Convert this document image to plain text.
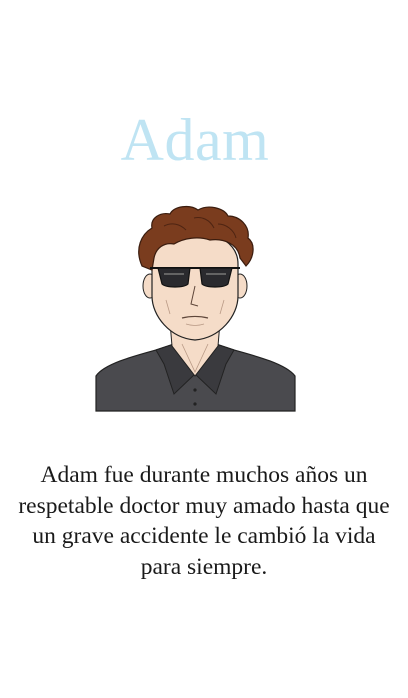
Adam

Adam fue durante muchos años un respetable doctor muy amado hasta que un grave accidente le cambió la vida para siempre.
